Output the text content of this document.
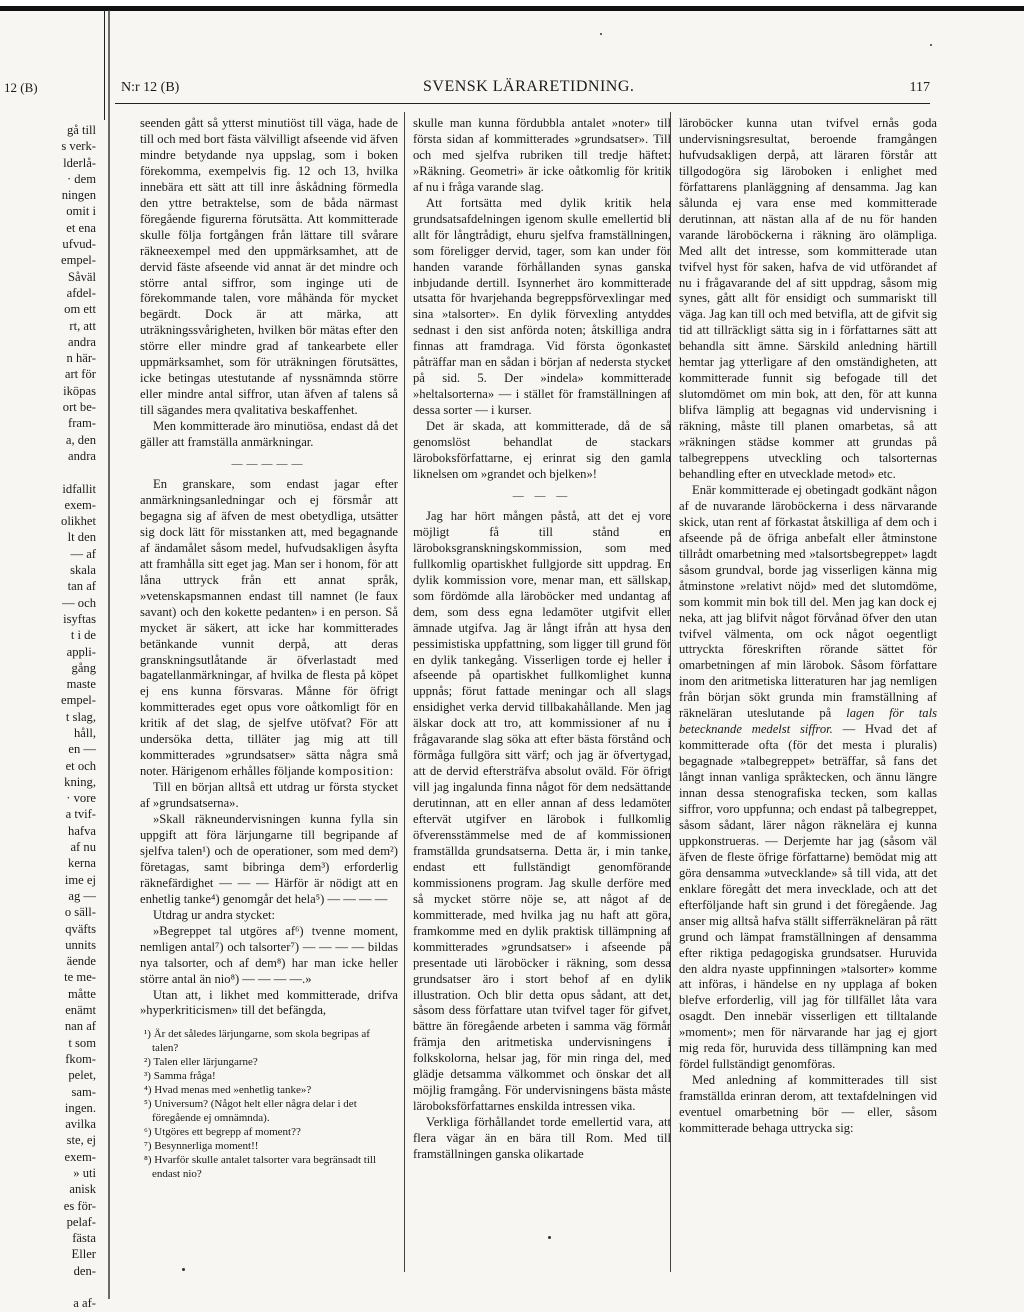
12 (B)
gå till
s verk-
lderlå-
· dem
ningen
omit i
et ena
ufvud-
empel-
Såväl
afdel-
om ett
rt, att
andra
n här-
art för
iköpas
ort be-
fram-
a, den
andra

idfallit
exem-
olikhet
lt den
— af
skala
tan af
— och
isyftas
t i de
appli-
gång
maste
empel-
t slag,
håll,
en —
et och
kning,
· vore
a tvif-
hafva
af nu
kerna
ime ej
ag —
o säll-
qväfts
unnits
äende
te me-
måtte
enämt
nan af
t som
fkom-
pelet,
sam-
ingen.
avilka
ste, ej
exem-
» uti
anisk
es för-
pelaf-
fästa
Eller
den-

a af-
N:r 12 (B)	SVENSK LÄRARETIDNING.	117

seenden gått så ytterst minutiöst till väga, hade de till och med bort fästa välvilligt afseende vid äfven mindre betydande nya uppslag, som i boken förekomma, exempelvis fig. 12 och 13, hvilka innebära ett sätt att till inre åskådning förmedla den yttre betraktelse, som de båda närmast föregående figurerna förutsätta. Att kommitterade skulle följa fortgången från lättare till svårare räkneexempel med den uppmärksamhet, att de dervid fäste afseende vid annat är det mindre och större antal siffror, som inginge uti de förekommande talen, vore måhända för mycket begärdt. Dock är att märka, att uträkningssvårigheten, hvilken bör mätas efter den större eller mindre grad af tankearbete eller uppmärksamhet, som för uträkningen förutsättes, icke betingas utestutande af nyssnämnda större eller mindre antal siffror, utan äfven af talens så till sägandes mera qvalitativa beskaffenhet.

Men kommitterade äro minutiösa, endast då det gäller att framställa anmärkningar.

—————

En granskare, som endast jagar efter anmärkningsanledningar och ej försmår att begagna sig af äfven de mest obetydliga, utsätter sig dock lätt för misstanken att, med begagnande af ändamålet såsom medel, hufvudsakligen åsyfta att framhålla sitt eget jag. Man ser i honom, för att låna uttryck från ett annat språk, »vetenskapsmannen endast till namnet (le faux savant) och den kokette pedanten» i en person. Så mycket är säkert, att icke har kommitterades betänkande vunnit derpå, att deras granskningsutlåtande är öfverlastadt med bagatellanmärkningar, af hvilka de flesta på köpet ej ens kunna försvaras. Månne för öfrigt kommitterades eget opus vore oåtkomligt för en kritik af det slag, de sjelfve utöfvat? För att undersöka detta, tilläter jag mig att till kommitterades »grundsatser» sätta några små noter. Härigenom erhålles följande komposition:

Till en början alltså ett utdrag ur första stycket af »grundsatserna».

»Skall räkneundervisningen kunna fylla sin uppgift att föra lärjungarne till begripande af sjelfva talen¹) och de operationer, som med dem²) företagas, samt bibringa dem³) erforderlig räknefärdighet — — — Härför är nödigt att en enhetlig tanke⁴) genomgår det hela⁵) — — — —

Utdrag ur andra stycket:

»Begreppet tal utgöres af⁶) tvenne moment, nemligen antal⁷) och talsorter⁷) — — — — bildas nya talsorter, och af dem⁸) har man icke heller större antal än nio⁸) — — — —.»

Utan att, i likhet med kommitterade, drifva »hyperkriticismen» till det befängda,

¹) Är det således lärjungarne, som skola begripas af talen?
²) Talen eller lärjungarne?
³) Samma fråga!
⁴) Hvad menas med »enhetlig tanke»?
⁵) Universum? (Något helt eller några delar i det föregående ej omnämnda).
⁶) Utgöres ett begrepp af moment??
⁷) Besynnerliga moment!!
⁸) Hvarför skulle antalet talsorter vara begränsadt till endast nio?

skulle man kunna fördubbla antalet »noter» till första sidan af kommitterades »grundsatser». Till och med sjelfva rubriken till tredje häftet: »Räkning. Geometri» är icke oåtkomlig för kritik af nu i fråga varande slag.

Att fortsätta med dylik kritik hela grundsatsafdelningen igenom skulle emellertid bli allt för långtrådigt, ehuru sjelfva framställningen, som föreligger dervid, tager, som kan under för handen varande förhållanden synas ganska inbjudande dertill. Isynnerhet äro kommitterade utsatta för hvarjehanda begreppsförvexlingar med sina »talsorter». En dylik förvexling antyddes sednast i den sist anförda noten; åtskilliga andra finnas att framdraga. Vid första ögonkastet påträffar man en sådan i början af nedersta stycket på sid. 5. Der »indela» kommitterade »heltalsorterna» — i stället för framställningen af dessa sorter — i kurser.

Det är skada, att kommitterade, då de så genomslöst behandlat de stackars läroboksförfattarne, ej erinrat sig den gamla liknelsen om »grandet och bjelken»!

— — —

Jag har hört mången påstå, att det ej vore möjligt få till stånd en läroboksgranskningskommission, som med fullkomlig opartiskhet fullgjorde sitt uppdrag. En dylik kommission vore, menar man, ett sällskap, som fördömde alla läroböcker med undantag af dem, som dess egna ledamöter utgifvit eller ämnade utgifva. Jag är långt ifrån att hysa den pessimistiska uppfattning, som ligger till grund för en dylik tankegång. Visserligen torde ej heller i afseende på opartiskhet fullkomlighet kunna uppnås; förut fattade meningar och all slags ensidighet verka dervid tillbakahållande. Men jag älskar dock att tro, att kommissioner af nu i frågavarande slag söka att efter bästa förstånd och förmåga fullgöra sitt värf; och jag är öfvertygad, att de dervid eftersträfva absolut oväld. För öfrigt vill jag ingalunda finna något för dem nedsättande derutinnan, att en eller annan af dess ledamöter eftervät utgifver en lärobok i fullkomlig öfverensstämmelse med de af kommissionen framställda grundsatserna. Detta är, i min tanke, endast ett fullständigt genomförande kommissionens program. Jag skulle derföre med så mycket större nöje se, att något af de kommitterade, med hvilka jag nu haft att göra, framkomme med en dylik praktisk tillämpning af kommitterades »grundsatser» i afseende på presentade uti läroböcker i räkning, som dessa grundsatser äro i stort behof af en dylik illustration. Och blir detta opus sådant, att det, såsom dess författare utan tvifvel tager för gifvet, bättre än föregående arbeten i samma väg förmår främja den aritmetiska undervisningens i folkskolorna, helsar jag, för min ringa del, med glädje detsamma välkommet och önskar det all möjlig framgång. För undervisningens bästa måste läroboksförfattarnes enskilda intressen vika.

Verkliga förhållandet torde emellertid vara, att flera vägar än en bära till Rom. Med till framställningen ganska olikartade

läroböcker kunna utan tvifvel ernås goda undervisningsresultat, beroende framgången hufvudsakligen derpå, att läraren förstår att tillgodogöra sig läroboken i enlighet med författarens planläggning af densamma. Jag kan sålunda ej vara ense med kommitterade derutinnan, att nästan alla af de nu för handen varande läroböckerna i räkning äro olämpliga. Med allt det intresse, som kommitterade utan tvifvel hyst för saken, hafva de vid utförandet af nu i frågavarande del af sitt uppdrag, såsom mig synes, gått allt för ensidigt och summariskt till väga. Jag kan till och med betvifla, att de gifvit sig tid att tillräckligt sätta sig in i författarnes sätt att behandla sitt ämne. Särskild anledning härtill hemtar jag ytterligare af den omständigheten, att kommitterade funnit sig befogade till det slutomdömet om min bok, att den, för att kunna blifva lämplig att begagnas vid undervisning i räkning, måste till planen omarbetas, så att »räkningen städse kommer att grundas på talbegreppens utveckling och talsorternas behandling efter en utvecklade metod» etc.

Enär kommitterade ej obetingadt godkänt någon af de nuvarande läroböckerna i dess närvarande skick, utan rent af förkastat åtskilliga af dem och i afseende på de öfriga anbefalt eller åtminstone tillrådt omarbetning med »talsortsbegreppet» lagdt såsom grundval, borde jag visserligen känna mig åtminstone »relativt nöjd» med det slutomdöme, som kommit min bok till del. Men jag kan dock ej neka, att jag blifvit något förvånad öfver den utan tvifvel välmenta, om ock något oegentligt uttryckta föreskriften rörande sättet för omarbetningen af min lärobok. Såsom författare inom den aritmetiska litteraturen har jag nemligen från början sökt grunda min framställning af räkneläran uteslutande på lagen för tals betecknande medelst siffror. — Hvad det af kommitterade ofta (för det mesta i pluralis) begagnade »talbegreppet» beträffar, så fans det långt innan vanliga språktecken, och ännu längre innan dessa stenografiska tecken, som kallas siffror, voro uppfunna; och endast på talbegreppet, såsom sådant, lärer någon räknelära ej kunna uppkonstrueras. — Derjemte har jag (såsom väl äfven de fleste öfrige författarne) bemödat mig att göra densamma »utvecklande» så till vida, att det enklare föregått det mera invecklade, och att det efterföljande haft sin grund i det föregående. Jag anser mig alltså hafva ställt sifferräkneläran på rätt grund och lämpat framställningen af densamma efter riktiga pedagogiska grundsatser. Huruvida den aldra nyaste uppfinningen »talsorter» komme att införas, i händelse en ny upplaga af boken blefve erforderlig, vill jag för tillfället låta vara osagdt. Den innebär visserligen ett tilltalande »moment»; men för närvarande har jag ej gjort mig reda för, huruvida dess tillämpning kan med fördel fullständigt genomföras.

Med anledning af kommitterades till sist framställda erinran derom, att textafdelningen vid eventuel omarbetning bör — eller, såsom kommitterade behaga uttrycka sig:
